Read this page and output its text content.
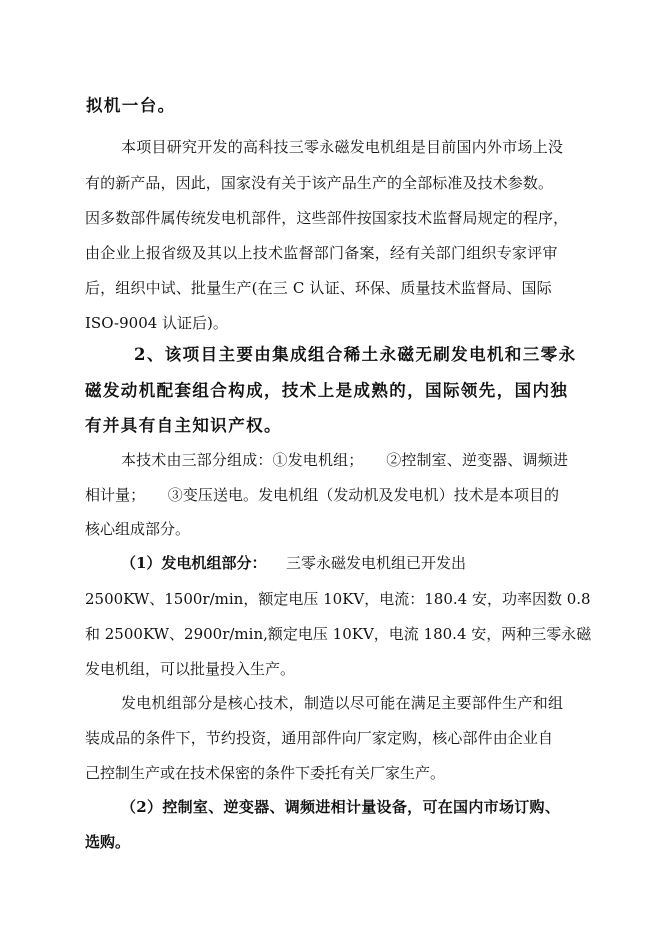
拟机一台。
本项目研究开发的高科技三零永磁发电机组是目前国内外市场上没
有的新产品，因此，国家没有关于该产品生产的全部标准及技术参数。
因多数部件属传统发电机部件，这些部件按国家技术监督局规定的程序，
由企业上报省级及其以上技术监督部门备案，经有关部门组织专家评审
后，组织中试、批量生产(在三 C 认证、环保、质量技术监督局、国际
ISO-9004 认证后)。
2、该项目主要由集成组合稀土永磁无刷发电机和三零永
磁发动机配套组合构成，技术上是成熟的，国际领先，国内独
有并具有自主知识产权。
本技术由三部分组成：①发电机组；　　②控制室、逆变器、调频进
相计量；　　③变压送电。发电机组（发动机及发电机）技术是本项目的
核心组成部分。
（1）发电机组部分： 三零永磁发电机组已开发出
2500KW、1500r/min，额定电压 10KV，电流：180.4 安，功率因数 0.8
和 2500KW、2900r/min,额定电压 10KV，电流 180.4 安，两种三零永磁
发电机组，可以批量投入生产。
发电机组部分是核心技术，制造以尽可能在满足主要部件生产和组
装成品的条件下，节约投资，通用部件向厂家定购，核心部件由企业自
己控制生产或在技术保密的条件下委托有关厂家生产。
（2）控制室、逆变器、调频进相计量设备，可在国内市场订购、
选购。
